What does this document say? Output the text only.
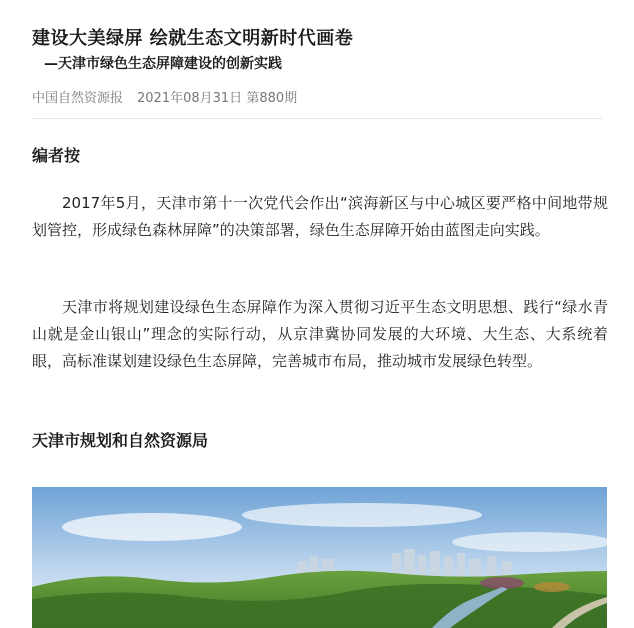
建设大美绿屏 绘就生态文明新时代画卷
—天津市绿色生态屏障建设的创新实践
中国自然资源报 2021年08月31日 第880期
编者按

2017年5月，天津市第十一次党代会作出“滨海新区与中心城区要严格中间地带规划管控，形成绿色森林屏障”的决策部署，绿色生态屏障开始由蓝图走向实践。

天津市将规划建设绿色生态屏障作为深入贯彻习近平生态文明思想、践行“绿水青山就是金山银山”理念的实际行动，从京津冀协同发展的大环境、大生态、大系统着眼，高标准谋划建设绿色生态屏障，完善城市布局，推动城市发展绿色转型。

天津市规划和自然资源局
